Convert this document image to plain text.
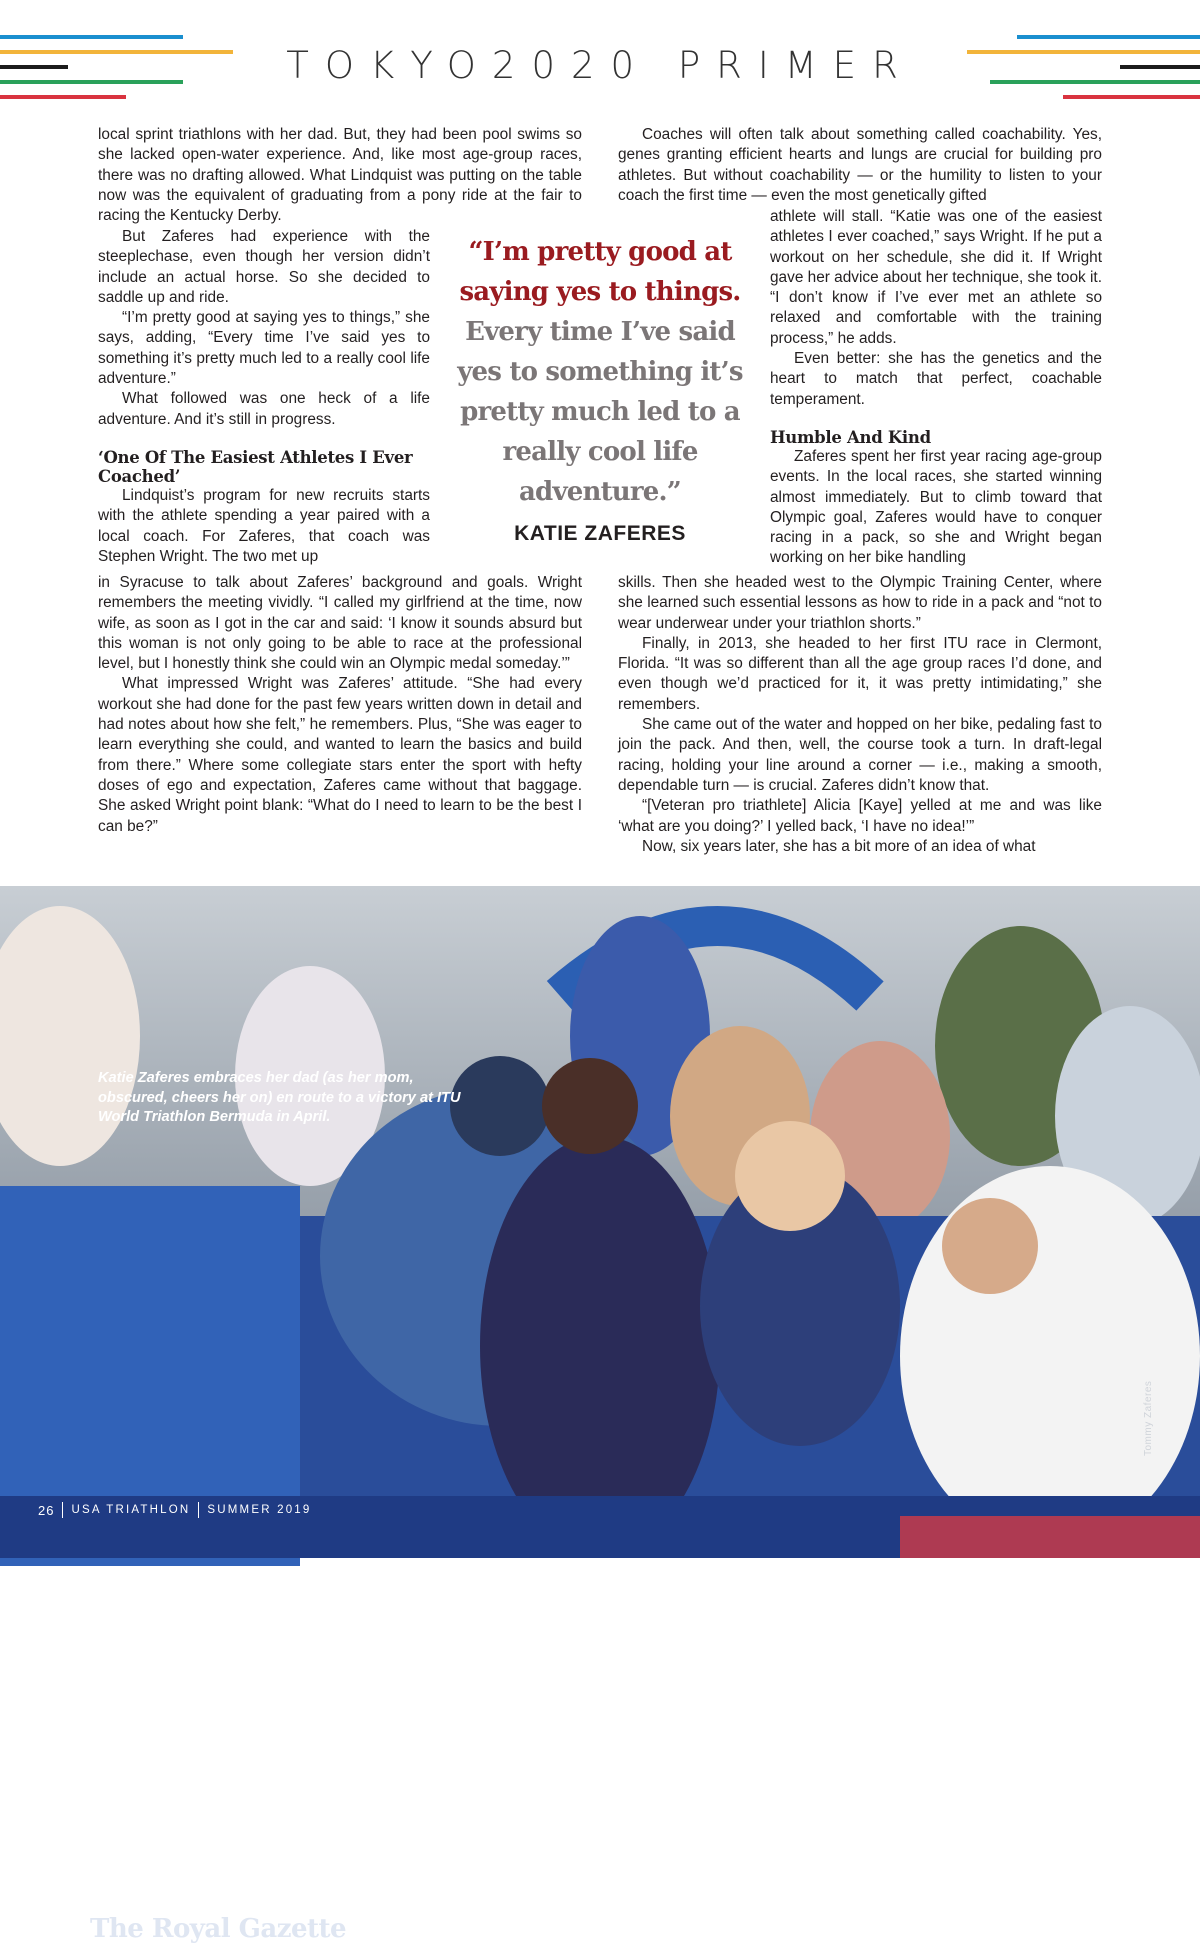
TOKYO2020 PRIMER

local sprint triathlons with her dad. But, they had been pool swims so she lacked open-water experience. And, like most age-group races, there was no drafting allowed. What Lindquist was putting on the table now was the equivalent of graduating from a pony ride at the fair to racing the Kentucky Derby.

But Zaferes had experience with the steeplechase, even though her version didn’t include an actual horse. So she decided to saddle up and ride.

“I’m pretty good at saying yes to things,” she says, adding, “Every time I’ve said yes to something it’s pretty much led to a really cool life adventure.”

What followed was one heck of a life adventure. And it’s still in progress.

‘One Of The Easiest Athletes I Ever Coached’

Lindquist’s program for new recruits starts with the athlete spending a year paired with a local coach. For Zaferes, that coach was Stephen Wright. The two met up

in Syracuse to talk about Zaferes’ background and goals. Wright remembers the meeting vividly. “I called my girlfriend at the time, now wife, as soon as I got in the car and said: ‘I know it sounds absurd but this woman is not only going to be able to race at the professional level, but I honestly think she could win an Olympic medal someday.’”

What impressed Wright was Zaferes’ attitude. “She had every workout she had done for the past few years written down in detail and had notes about how she felt,” he remembers. Plus, “She was eager to learn everything she could, and wanted to learn the basics and build from there.” Where some collegiate stars enter the sport with hefty doses of ego and expectation, Zaferes came without that baggage. She asked Wright point blank: “What do I need to learn to be the best I can be?”

Coaches will often talk about something called coachability. Yes, genes granting efficient hearts and lungs are crucial for building pro athletes. But without coachability — or the humility to listen to your coach the first time — even the most genetically gifted

athlete will stall. “Katie was one of the easiest athletes I ever coached,” says Wright. If he put a workout on her schedule, she did it. If Wright gave her advice about her technique, she took it. “I don’t know if I’ve ever met an athlete so relaxed and comfortable with the training process,” he adds.

Even better: she has the genetics and the heart to match that perfect, coachable temperament.

Humble And Kind

Zaferes spent her first year racing age-group events. In the local races, she started winning almost immediately. But to climb toward that Olympic goal, Zaferes would have to conquer racing in a pack, so she and Wright began working on her bike handling

skills. Then she headed west to the Olympic Training Center, where she learned such essential lessons as how to ride in a pack and “not to wear underwear under your triathlon shorts.”

Finally, in 2013, she headed to her first ITU race in Clermont, Florida. “It was so different than all the age group races I’d done, and even though we’d practiced for it, it was pretty intimidating,” she remembers.

She came out of the water and hopped on her bike, pedaling fast to join the pack. And then, well, the course took a turn. In draft-legal racing, holding your line around a corner — i.e., making a smooth, dependable turn — is crucial. Zaferes didn’t know that.

“[Veteran pro triathlete] Alicia [Kaye] yelled at me and was like ‘what are you doing?’ I yelled back, ‘I have no idea!’”

Now, six years later, she has a bit more of an idea of what

“I’m pretty good at saying yes to things. Every time I’ve said yes to something it’s pretty much led to a really cool life adventure.”
KATIE ZAFERES
The Royal Gazette
Katie Zaferes embraces her dad (as her mom, obscured, cheers her on) en route to a victory at ITU World Triathlon Bermuda in April.
Tommy Zaferes
26 USA TRIATHLON SUMMER 2019
